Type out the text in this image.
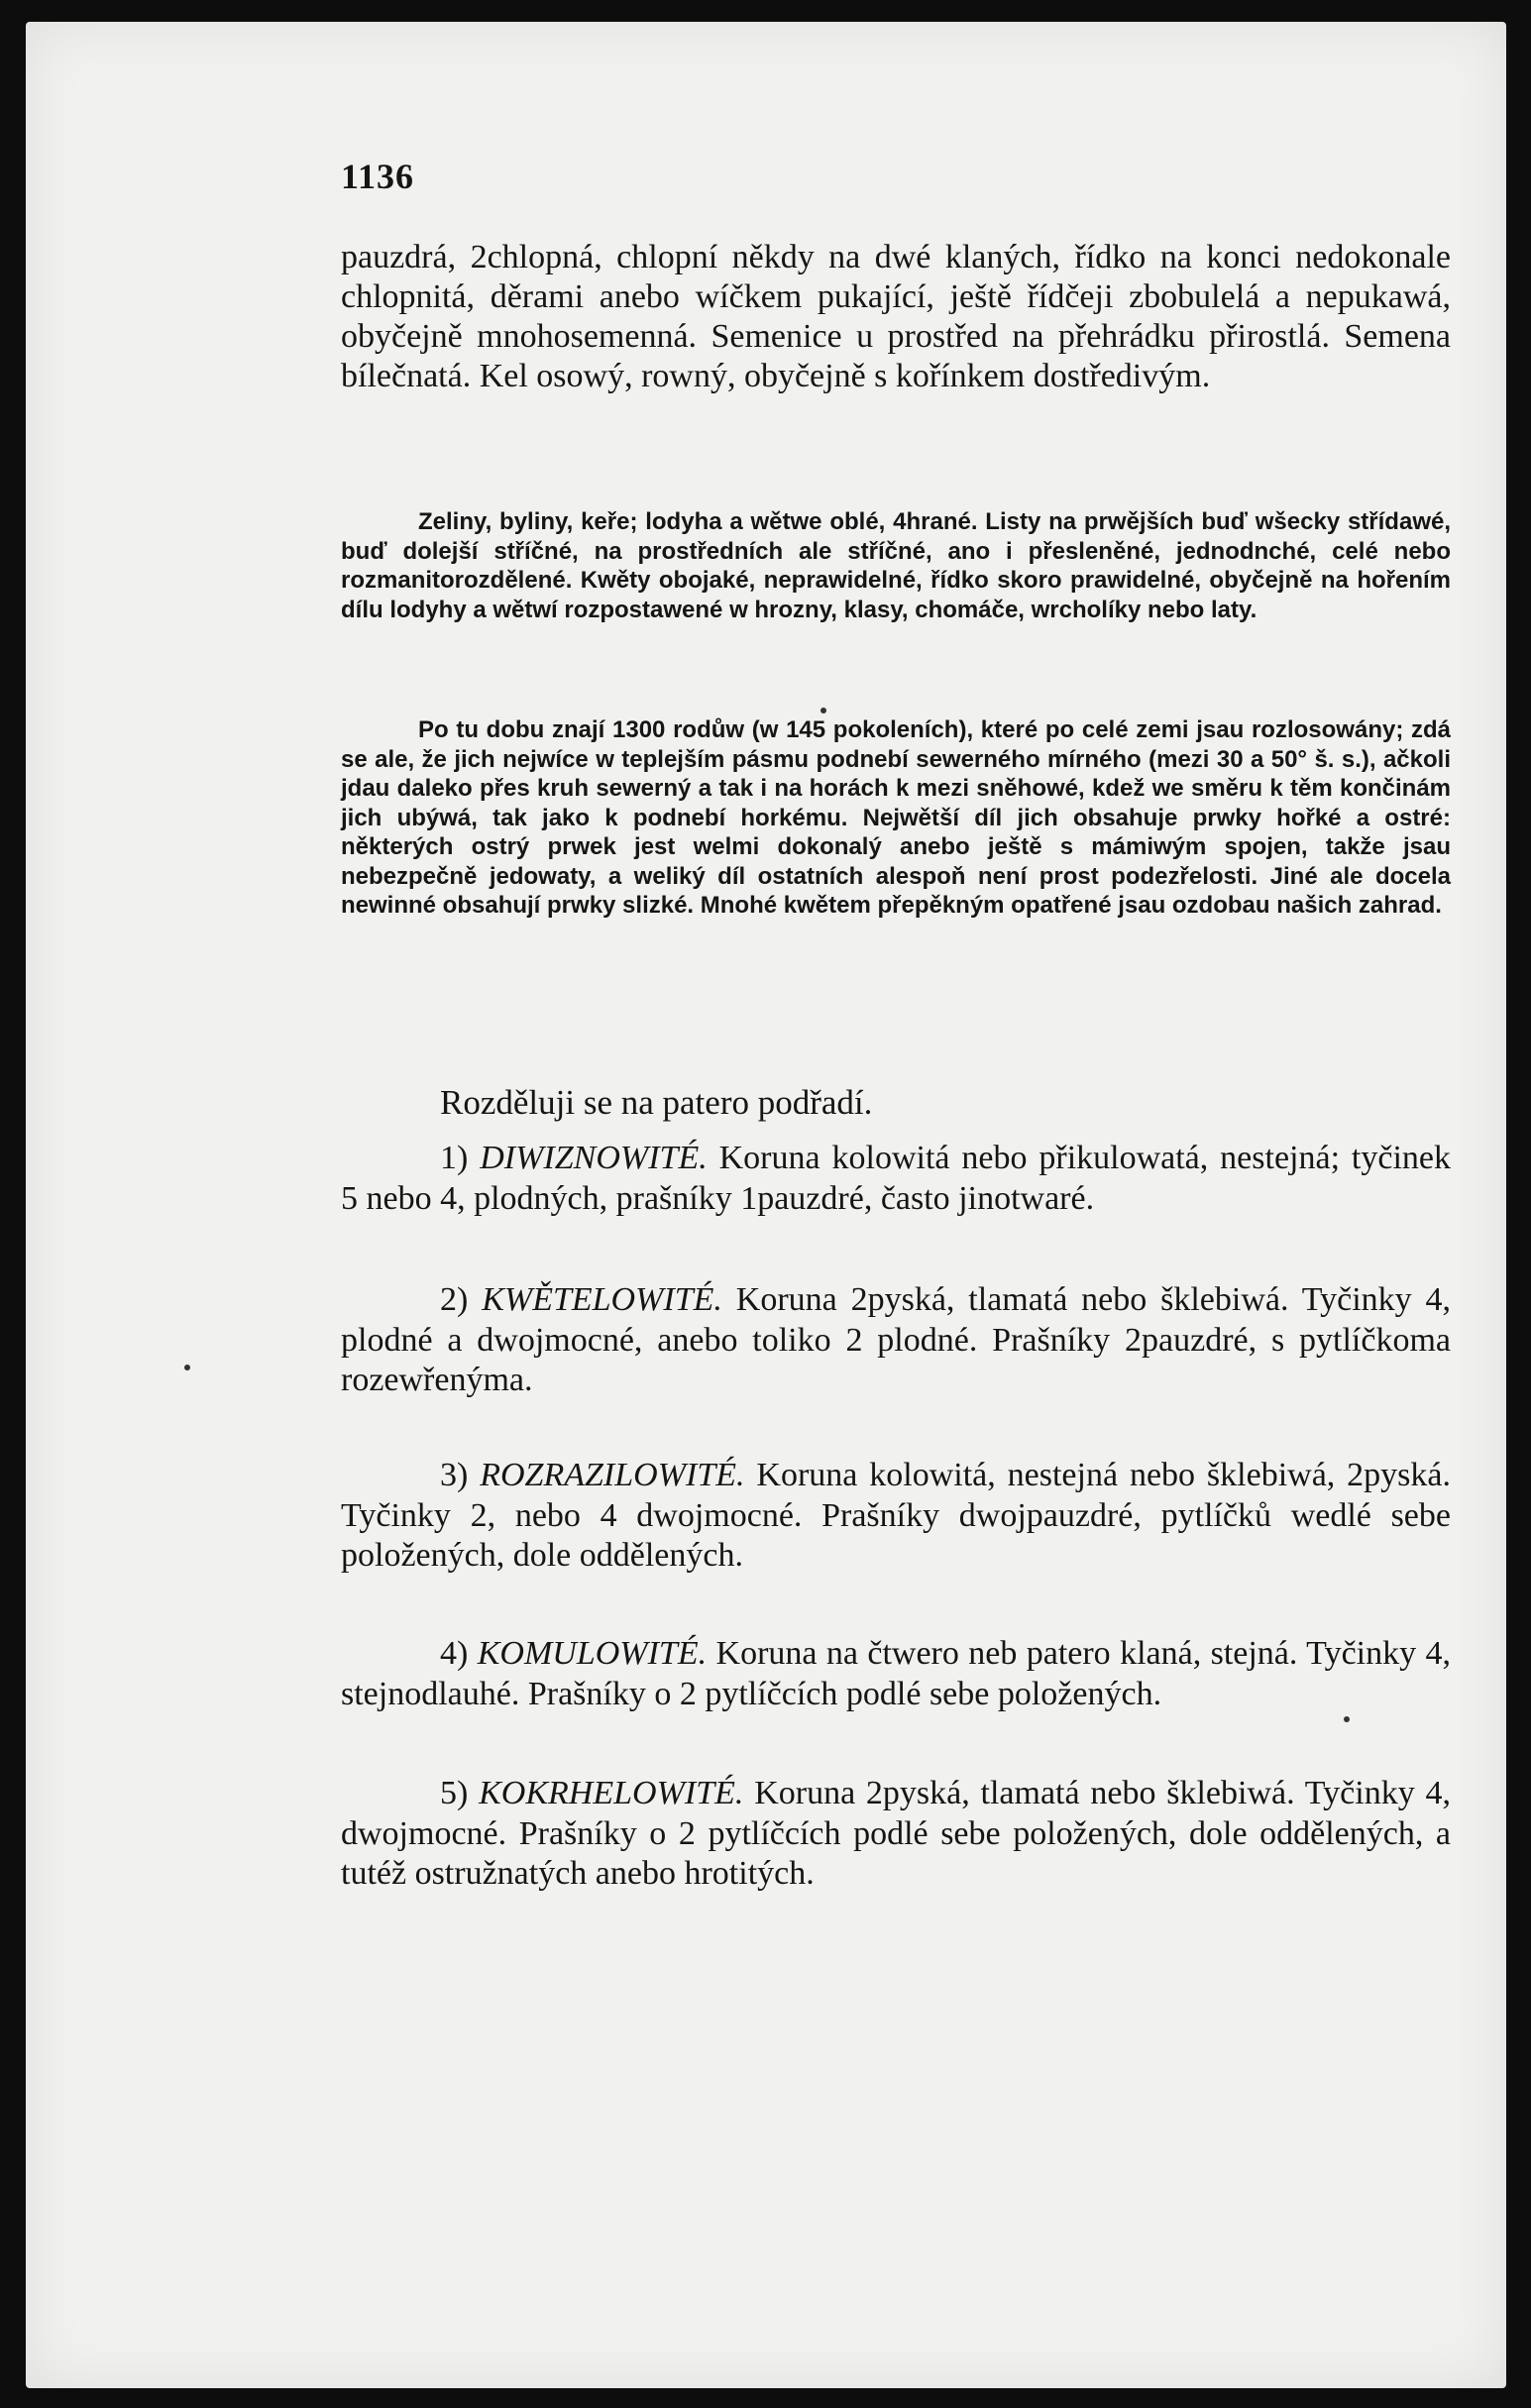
1136
pauzdrá, 2chlopná, chlopní někdy na dwé klaných, řídko na konci nedokonale chlopnitá, děrami anebo wíčkem pukající, ještě řídčeji zbobulelá a nepukawá, obyčejně mnohosemenná. Semenice u prostřed na přehrádku přirostlá. Semena bílečnatá. Kel osowý, rowný, obyčejně s kořínkem dostředivým.
Zeliny, byliny, keře; lodyha a wětwe oblé, 4hrané. Listy na prwějších buď wšecky střídawé, buď dolejší stříčné, na prostředních ale stříčné, ano i přesleněné, jednodnché, celé nebo rozmanitorozdělené. Kwěty obojaké, neprawidelné, řídko skoro prawidelné, obyčejně na hořením dílu lodyhy a wětwí rozpostawené w hrozny, klasy, chomáče, wrcholíky nebo laty.
Po tu dobu znají 1300 rodůw (w 145 pokoleních), které po celé zemi jsau rozlosowány; zdá se ale, že jich nejwíce w teplejším pásmu podnebí sewerného mírného (mezi 30 a 50° š. s.), ačkoli jdau daleko přes kruh sewerný a tak i na horách k mezi sněhowé, kdež we směru k těm končinám jich ubýwá, tak jako k podnebí horkému. Nejwětší díl jich obsahuje prwky hořké a ostré: některých ostrý prwek jest welmi dokonalý anebo ještě s mámiwým spojen, takže jsau nebezpečně jedowaty, a weliký díl ostatních alespoň není prost podezřelosti. Jiné ale docela newinné obsahují prwky slizké. Mnohé kwětem přepěkným opatřené jsau ozdobau našich zahrad.
Rozděluji se na patero podřadí.
1) DIWIZNOWITÉ. Koruna kolowitá nebo přikulowatá, nestejná; tyčinek 5 nebo 4, plodných, prašníky 1pauzdré, často jinotwaré.
2) KWĚTELOWITÉ. Koruna 2pyská, tlamatá nebo šklebiwá. Tyčinky 4, plodné a dwojmocné, anebo toliko 2 plodné. Prašníky 2pauzdré, s pytlíčkoma rozewřenýma.
3) ROZRAZILOWITÉ. Koruna kolowitá, nestejná nebo šklebiwá, 2pyská. Tyčinky 2, nebo 4 dwojmocné. Prašníky dwojpauzdré, pytlíčků wedlé sebe položených, dole oddělených.
4) KOMULOWITÉ. Koruna na čtwero neb patero klaná, stejná. Tyčinky 4, stejnodlauhé. Prašníky o 2 pytlíčcích podlé sebe položených.
5) KOKRHELOWITÉ. Koruna 2pyská, tlamatá nebo šklebiwá. Tyčinky 4, dwojmocné. Prašníky o 2 pytlíčcích podlé sebe položených, dole oddělených, a tutéž ostružnatých anebo hrotitých.
